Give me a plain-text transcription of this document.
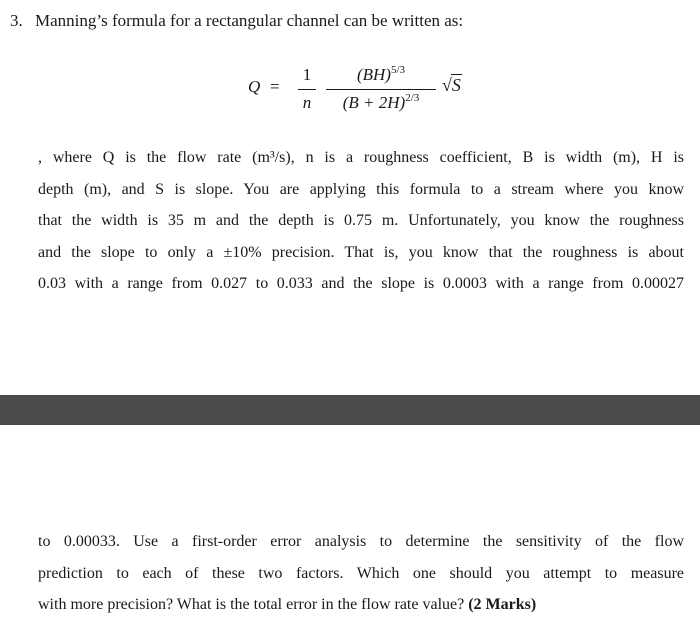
3. Manning’s formula for a rectangular channel can be written as:
Q =
1
n
(BH)$^{5/3}$
$(B + 2H)^{2/3}$
√S
, where Q is the flow rate (m³/s), n is a roughness coefficient, B is width (m), H is
depth (m), and S is slope. You are applying this formula to a stream where you know
that the width is 35 m and the depth is 0.75 m. Unfortunately, you know the roughness
and the slope to only a ±10% precision. That is, you know that the roughness is about
0.03 with a range from 0.027 to 0.033 and the slope is 0.0003 with a range from 0.00027
to 0.00033. Use a first-order error analysis to determine the sensitivity of the flow
prediction to each of these two factors. Which one should you attempt to measure
with more precision? What is the total error in the flow rate value? (2 Marks)
